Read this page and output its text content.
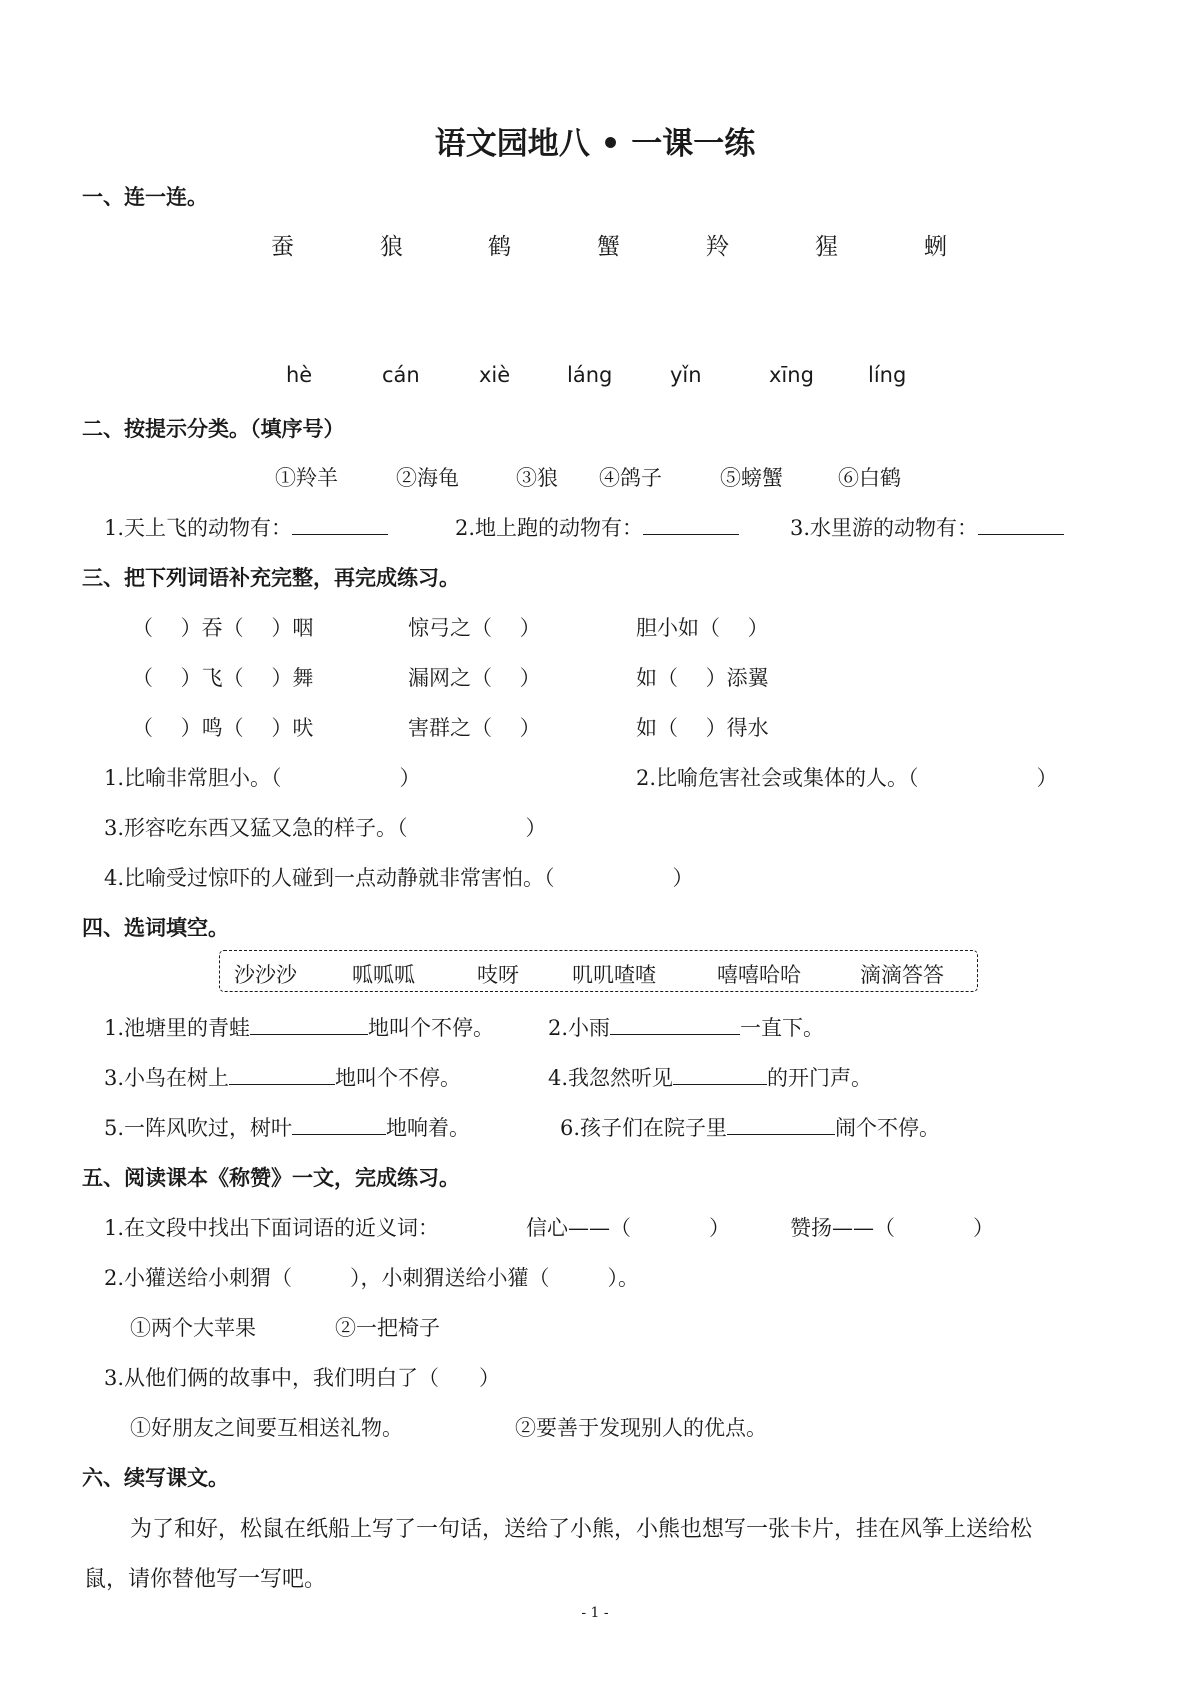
语文园地八 • 一课一练
一、连一连。
蚕	狼	鹤	蟹	羚	猩	蛚
hè	cán	xiè	láng	yǐn	xīng	líng
二、按提示分类。（填序号）
①羚羊	②海龟	③狼 ④鸽子	⑤螃蟹	⑥白鹤
1.天上飞的动物有：	2.地上跑的动物有：	3.水里游的动物有：
三、把下列词语补充完整，再完成练习。
（　 ）吞（　 ）咽	惊弓之（　 ）	胆小如（　 ）
（　 ）飞（　 ）舞	漏网之（　 ）	如（　 ）添翼
（　 ）鸣（　 ）吠	害群之（　 ）	如（　 ）得水
1.比喻非常胆小。（	）	2.比喻危害社会或集体的人。（	）
3.形容吃东西又猛又急的样子。（	）
4.比喻受过惊吓的人碰到一点动静就非常害怕。（	）
四、选词填空。
沙沙沙	呱呱呱	吱呀	叽叽喳喳	嘻嘻哈哈	滴滴答答
1.池塘里的青蛙	地叫个不停。	2.小雨	一直下。
3.小鸟在树上	地叫个不停。	4.我忽然听见	的开门声。
5.一阵风吹过，树叶	地响着。	6.孩子们在院子里	闹个不停。
五、阅读课本《称赞》一文，完成练习。
1.在文段中找出下面词语的近义词：	信心——（	）	赞扬——（	）
2.小獾送给小刺猬（	），小刺猬送给小獾（	）。
①两个大苹果	②一把椅子
3.从他们俩的故事中，我们明白了（ ）
①好朋友之间要互相送礼物。	②要善于发现别人的优点。
六、续写课文。
为了和好，松鼠在纸船上写了一句话，送给了小熊，小熊也想写一张卡片，挂在风筝上送给松
鼠，请你替他写一写吧。
- 1 -
